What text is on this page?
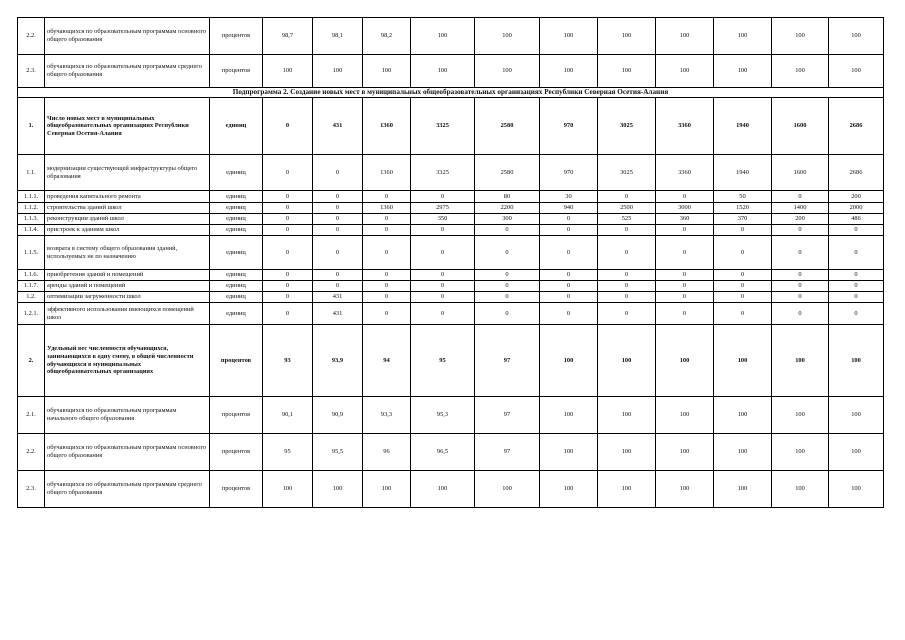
2.2.	обучающихся по образовательным программам основного общего образования	процентов	98,7	98,1	98,2	100	100	100	100	100	100	100	100
2.3.	обучающихся по образовательным программам среднего общего образования	процентов	100	100	100	100	100	100	100	100	100	100	100
Подпрограмма 2. Создание новых мест в муниципальных общеобразовательных организациях Республики Северная Осетия-Алания													
1.	Число новых мест в муниципальных общеобразовательных организациях Республики Северная Осетия-Алания	единиц	0	431	1360	3325	2580	970	3025	3360	1940	1600	2686
1.1.	модернизации существующей инфраструктуры общего образования	единиц	0	0	1360	3325	2580	970	3025	3360	1940	1600	2686
1.1.1.	проведения капитального ремонта	единиц	0	0	0	0	80	30	0	0	50	0	200
1.1.2.	строительства зданий школ	единиц	0	0	1360	2975	2200	940	2500	3000	1520	1400	2000
1.1.3.	реконструкции зданий школ	единиц	0	0	0	350	300	0	525	360	370	200	486
1.1.4.	пристроек к зданиям школ	единиц	0	0	0	0	0	0	0	0	0	0	0
1.1.5.	возврата в систему общего образования зданий, используемых не по назначению	единиц	0	0	0	0	0	0	0	0	0	0	0
1.1.6.	приобретения зданий и помещений	единиц	0	0	0	0	0	0	0	0	0	0	0
1.1.7.	аренды зданий и помещений	единиц	0	0	0	0	0	0	0	0	0	0	0
1.2.	оптимизации загруженности школ	единиц	0	431	0	0	0	0	0	0	0	0	0
1.2.1.	эффективного использования имеющихся помещений школ	единиц	0	431	0	0	0	0	0	0	0	0	0
2.	Удельный вес численности обучающихся, занимающихся в одну смену, в общей численности обучающихся в муниципальных общеобразовательных организациях	процентов	93	93,9	94	95	97	100	100	100	100	100	100
2.1.	обучающихся по образовательным программам начального общего образования	процентов	90,1	90,9	93,3	95,3	97	100	100	100	100	100	100
2.2.	обучающихся по образовательным программам основного общего образования	процентов	95	95,5	96	96,5	97	100	100	100	100	100	100
2.3.	обучающихся по образовательным программам среднего общего образования	процентов	100	100	100	100	100	100	100	100	100	100	100
